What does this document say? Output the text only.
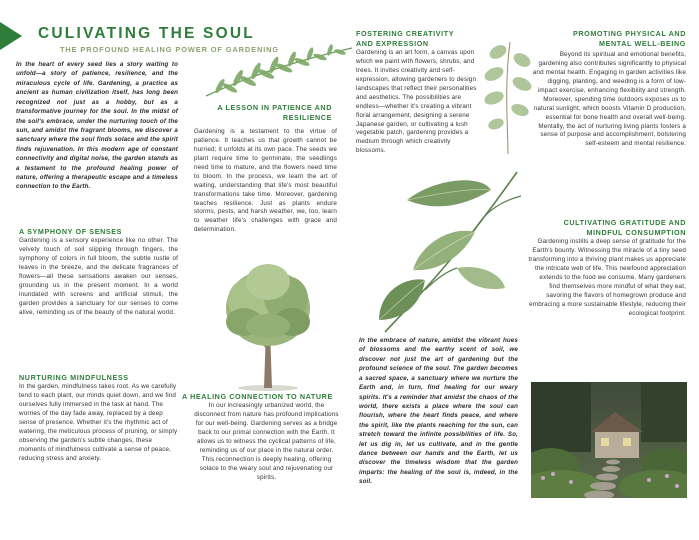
CULIVATING THE SOUL
THE PROFOUND HEALING POWER OF GARDENING
In the heart of every seed lies a story waiting to unfold—a story of patience, resilience, and the miraculous cycle of life. Gardening, a practice as ancient as human civilization itself, has long been recognized not just as a hobby, but as a transformative journey for the soul. In the midst of the soil's embrace, under the nurturing touch of the sun, and amidst the fragrant blooms, we discover a sanctuary where the soul finds solace and the spirit finds rejuvenation. In this modern age of constant connectivity and digital noise, the garden stands as a testament to the profound healing power of nature, offering a therapeutic escape and a timeless connection to the Earth.
A SYMPHONY OF SENSES
Gardening is a sensory experience like no other. The velvety touch of soil slipping through fingers, the symphony of colors in full bloom, the subtle rustle of leaves in the breeze, and the delicate fragrances of flowers—all these sensations awaken our senses, grounding us in the present moment. In a world inundated with screens and artificial stimuli, the garden provides a sanctuary for our senses to come alive, reminding us of the beauty of the natural world.
NURTURING MINDFULNESS
In the garden, mindfulness takes root. As we carefully tend to each plant, our minds quiet down, and we find ourselves fully immersed in the task at hand. The worries of the day fade away, replaced by a deep sense of presence. Whether it's the rhythmic act of watering, the meticulous process of pruning, or simply observing the garden's subtle changes, these moments of mindfulness cultivate a sense of peace, reducing stress and anxiety.
A LESSON IN PATIENCE AND RESILIENCE
Gardening is a testament to the virtue of patience. It teaches us that growth cannot be hurried; it unfolds at its own pace. The seeds we plant require time to germinate, the seedlings need time to mature, and the flowers need time to bloom. In the process, we learn the art of waiting, understanding that life's most beautiful transformations take time. Moreover, gardening teaches resilience. Just as plants endure storms, pests, and harsh weather, we, too, learn to weather life's challenges with grace and determination.
A HEALING CONNECTION TO NATURE
In our increasingly urbanized world, the disconnect from nature has profound implications for our well-being. Gardening serves as a bridge back to our primal connection with the Earth. It allows us to witness the cyclical patterns of life, reminding us of our place in the natural order. This reconnection is deeply healing, offering solace to the weary soul and rejuvenating our spirits.
FOSTERING CREATIVITY AND EXPRESSION
Gardening is an art form, a canvas upon which we paint with flowers, shrubs, and trees. It invites creativity and self-expression, allowing gardeners to design landscapes that reflect their personalities and aesthetics. The possibilities are endless—whether it's creating a vibrant floral arrangement, designing a serene Japanese garden, or cultivating a lush vegetable patch, gardening provides a medium through which creativity blossoms.
In the embrace of nature, amidst the vibrant hues of blossoms and the earthy scent of soil, we discover not just the art of gardening but the profound science of the soul. The garden becomes a sacred space, a sanctuary where we nurture the Earth and, in turn, find healing for our weary spirits. It's a reminder that amidst the chaos of the world, there exists a place where the soul can flourish, where the heart finds peace, and where the spirit, like the plants reaching for the sun, can stretch toward the infinite possibilities of life. So, let us dig in, let us cultivate, and in the gentle dance between our hands and the Earth, let us discover the timeless wisdom that the garden imparts: the healing of the soul is, indeed, in the soil.
PROMOTING PHYSICAL AND MENTAL WELL-BEING
Beyond its spiritual and emotional benefits, gardening also contributes significantly to physical and mental health. Engaging in garden activities like digging, planting, and weeding is a form of low-impact exercise, enhancing flexibility and strength. Moreover, spending time outdoors exposes us to natural sunlight, which boosts Vitamin D production, essential for bone health and overall well-being. Mentally, the act of nurturing living plants fosters a sense of purpose and accomplishment, bolstering self-esteem and mental resilience.
CULTIVATING GRATITUDE AND MINDFUL CONSUMPTION
Gardening instills a deep sense of gratitude for the Earth's bounty. Witnessing the miracle of a tiny seed transforming into a thriving plant makes us appreciate the intricate web of life. This newfound appreciation extends to the food we consume. Many gardeners find themselves more mindful of what they eat, savoring the flavors of homegrown produce and embracing a more sustainable lifestyle, reducing their ecological footprint.
